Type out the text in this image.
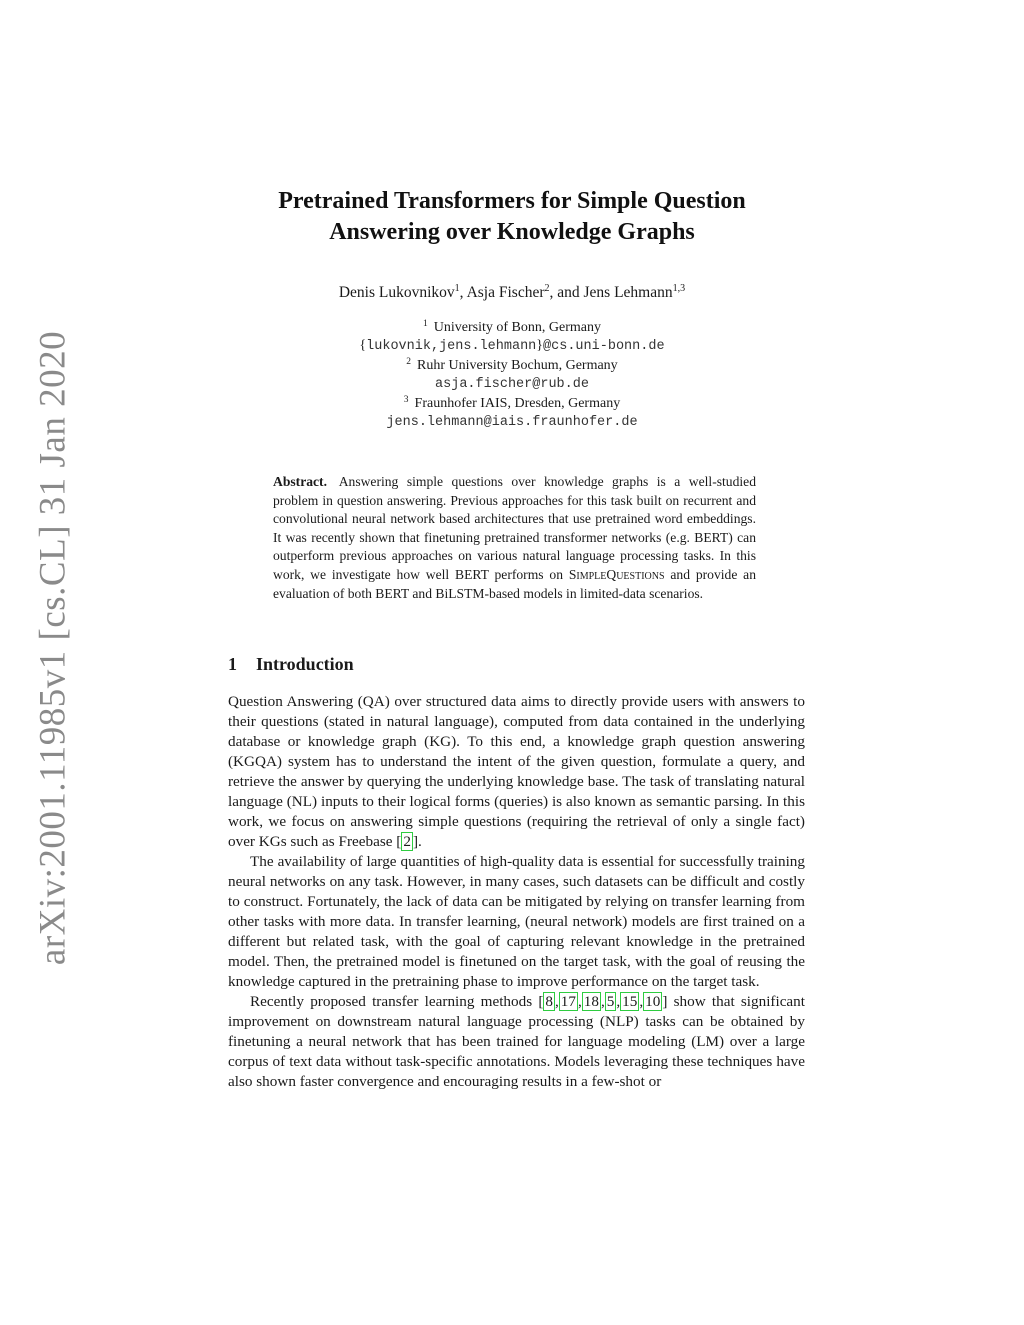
arXiv:2001.11985v1 [cs.CL] 31 Jan 2020
Pretrained Transformers for Simple Question
Answering over Knowledge Graphs
Denis Lukovnikov$^1$, Asja Fischer$^2$, and Jens Lehmann$^{1,3}$
$^1$ University of Bonn, Germany
{lukovnik,jens.lehmann}@cs.uni-bonn.de
$^2$ Ruhr University Bochum, Germany
asja.fischer@rub.de
$^3$ Fraunhofer IAIS, Dresden, Germany
jens.lehmann@iais.fraunhofer.de
Abstract. Answering simple questions over knowledge graphs is a well-studied problem in question answering. Previous approaches for this task built on recurrent and convolutional neural network based architectures that use pretrained word embeddings. It was recently shown that finetuning pretrained transformer networks (e.g. BERT) can outperform previous approaches on various natural language processing tasks. In this work, we investigate how well BERT performs on SimpleQuestions and provide an evaluation of both BERT and BiLSTM-based models in limited-data scenarios.
1 Introduction

Question Answering (QA) over structured data aims to directly provide users with answers to their questions (stated in natural language), computed from data contained in the underlying database or knowledge graph (KG). To this end, a knowledge graph question answering (KGQA) system has to understand the intent of the given question, formulate a query, and retrieve the answer by querying the underlying knowledge base. The task of translating natural language (NL) inputs to their logical forms (queries) is also known as semantic parsing. In this work, we focus on answering simple questions (requiring the retrieval of only a single fact) over KGs such as Freebase [ 2 ].

The availability of large quantities of high-quality data is essential for successfully training neural networks on any task. However, in many cases, such datasets can be difficult and costly to construct. Fortunately, the lack of data can be mitigated by relying on transfer learning from other tasks with more data. In transfer learning, (neural network) models are first trained on a different but related task, with the goal of capturing relevant knowledge in the pretrained model. Then, the pretrained model is finetuned on the target task, with the goal of reusing the knowledge captured in the pretraining phase to improve performance on the target task.

Recently proposed transfer learning methods [ 8 , 17 , 18 , 5 , 15 , 10 ] show that significant improvement on downstream natural language processing (NLP) tasks can be obtained by finetuning a neural network that has been trained for language modeling (LM) over a large corpus of text data without task-specific annotations. Models leveraging these techniques have also shown faster convergence and encouraging results in a few-shot or
